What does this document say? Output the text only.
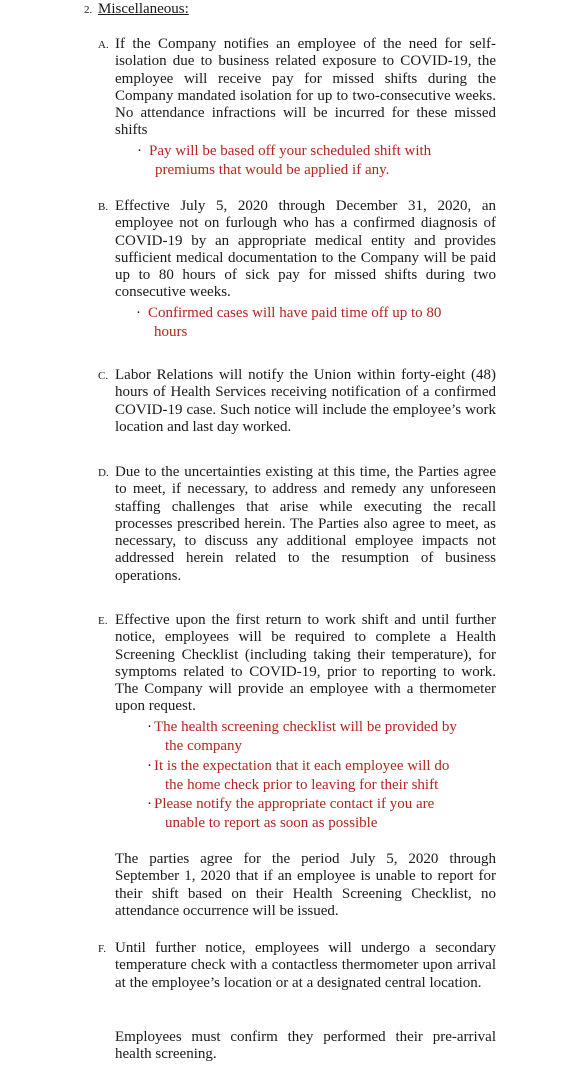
2. Miscellaneous:
A. If the Company notifies an employee of the need for self-isolation due to business related exposure to COVID-19, the employee will receive pay for missed shifts during the Company mandated isolation for up to two-consecutive weeks. No attendance infractions will be incurred for these missed shifts
· Pay will be based off your scheduled shift with
premiums that would be applied if any.
B. Effective July 5, 2020 through December 31, 2020, an employee not on furlough who has a confirmed diagnosis of COVID-19 by an appropriate medical entity and provides sufficient medical documentation to the Company will be paid up to 80 hours of sick pay for missed shifts during two consecutive weeks.
· Confirmed cases will have paid time off up to 80
hours
C. Labor Relations will notify the Union within forty-eight (48) hours of Health Services receiving notification of a confirmed COVID-19 case. Such notice will include the employee’s work location and last day worked.
D. Due to the uncertainties existing at this time, the Parties agree to meet, if necessary, to address and remedy any unforeseen staffing challenges that arise while executing the recall processes prescribed herein. The Parties also agree to meet, as necessary, to discuss any additional employee impacts not addressed herein related to the resumption of business operations.
E. Effective upon the first return to work shift and until further notice, employees will be required to complete a Health Screening Checklist (including taking their temperature), for symptoms related to COVID-19, prior to reporting to work. The Company will provide an employee with a thermometer upon request.
· The health screening checklist will be provided by
the company
· It is the expectation that it each employee will do
the home check prior to leaving for their shift
· Please notify the appropriate contact if you are
unable to report as soon as possible
The parties agree for the period July 5, 2020 through September 1, 2020 that if an employee is unable to report for their shift based on their Health Screening Checklist, no attendance occurrence will be issued.
F. Until further notice, employees will undergo a secondary temperature check with a contactless thermometer upon arrival at the employee’s location or at a designated central location.
Employees must confirm they performed their pre-arrival health screening.
